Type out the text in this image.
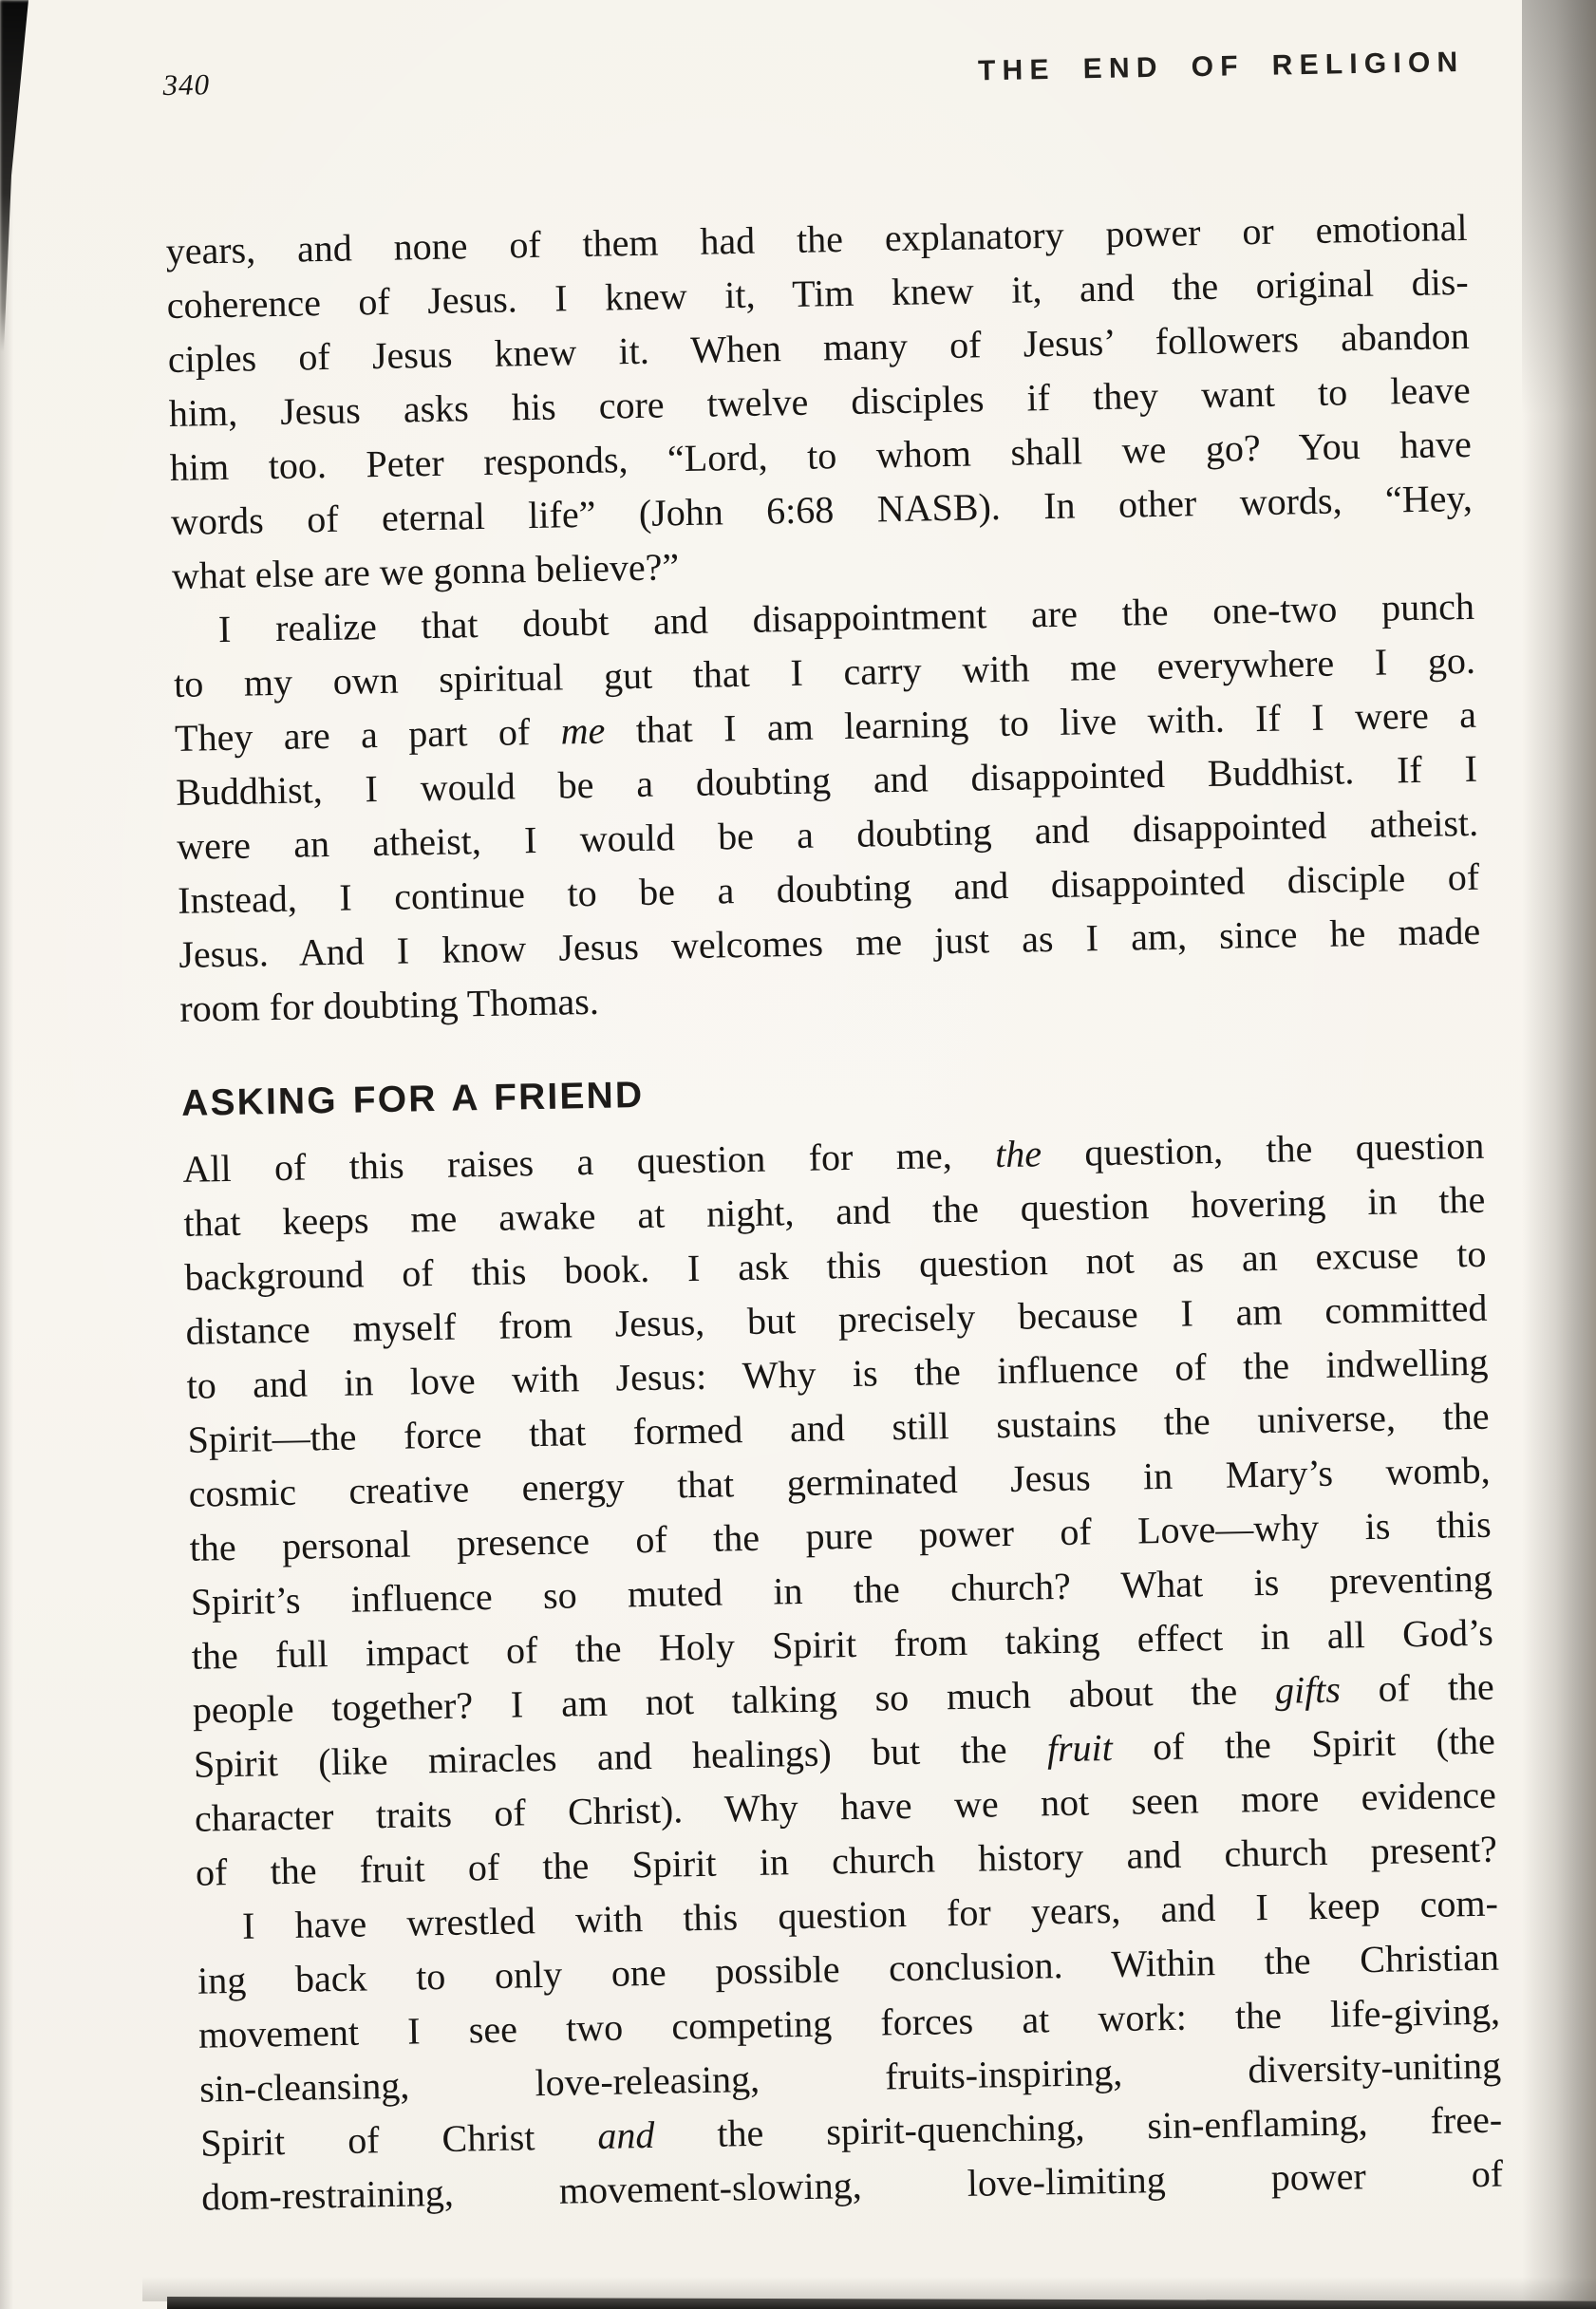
340	THE END OF RELIGION
years, and none of them had the explanatory power or emotional
coherence of Jesus. I knew it, Tim knew it, and the original dis-
ciples of Jesus knew it. When many of Jesus’ followers abandon
him, Jesus asks his core twelve disciples if they want to leave
him too. Peter responds, “Lord, to whom shall we go? You have
words of eternal life” (John 6:68 NASB). In other words, “Hey,
what else are we gonna believe?”
I realize that doubt and disappointment are the one-two punch
to my own spiritual gut that I carry with me everywhere I go.
They are a part of me that I am learning to live with. If I were a
Buddhist, I would be a doubting and disappointed Buddhist. If I
were an atheist, I would be a doubting and disappointed atheist.
Instead, I continue to be a doubting and disappointed disciple of
Jesus. And I know Jesus welcomes me just as I am, since he made
room for doubting Thomas.
ASKING FOR A FRIEND
All of this raises a question for me, the question, the question
that keeps me awake at night, and the question hovering in the
background of this book. I ask this question not as an excuse to
distance myself from Jesus, but precisely because I am committed
to and in love with Jesus: Why is the influence of the indwelling
Spirit—the force that formed and still sustains the universe, the
cosmic creative energy that germinated Jesus in Mary’s womb,
the personal presence of the pure power of Love—why is this
Spirit’s influence so muted in the church? What is preventing
the full impact of the Holy Spirit from taking effect in all God’s
people together? I am not talking so much about the gifts of the
Spirit (like miracles and healings) but the fruit of the Spirit (the
character traits of Christ). Why have we not seen more evidence
of the fruit of the Spirit in church history and church present?
I have wrestled with this question for years, and I keep com-
ing back to only one possible conclusion. Within the Christian
movement I see two competing forces at work: the life-giving,
sin-cleansing, love-releasing, fruits-inspiring, diversity-uniting
Spirit of Christ and the spirit-quenching, sin-enflaming, free-
dom-restraining, movement-slowing, love-limiting power of
